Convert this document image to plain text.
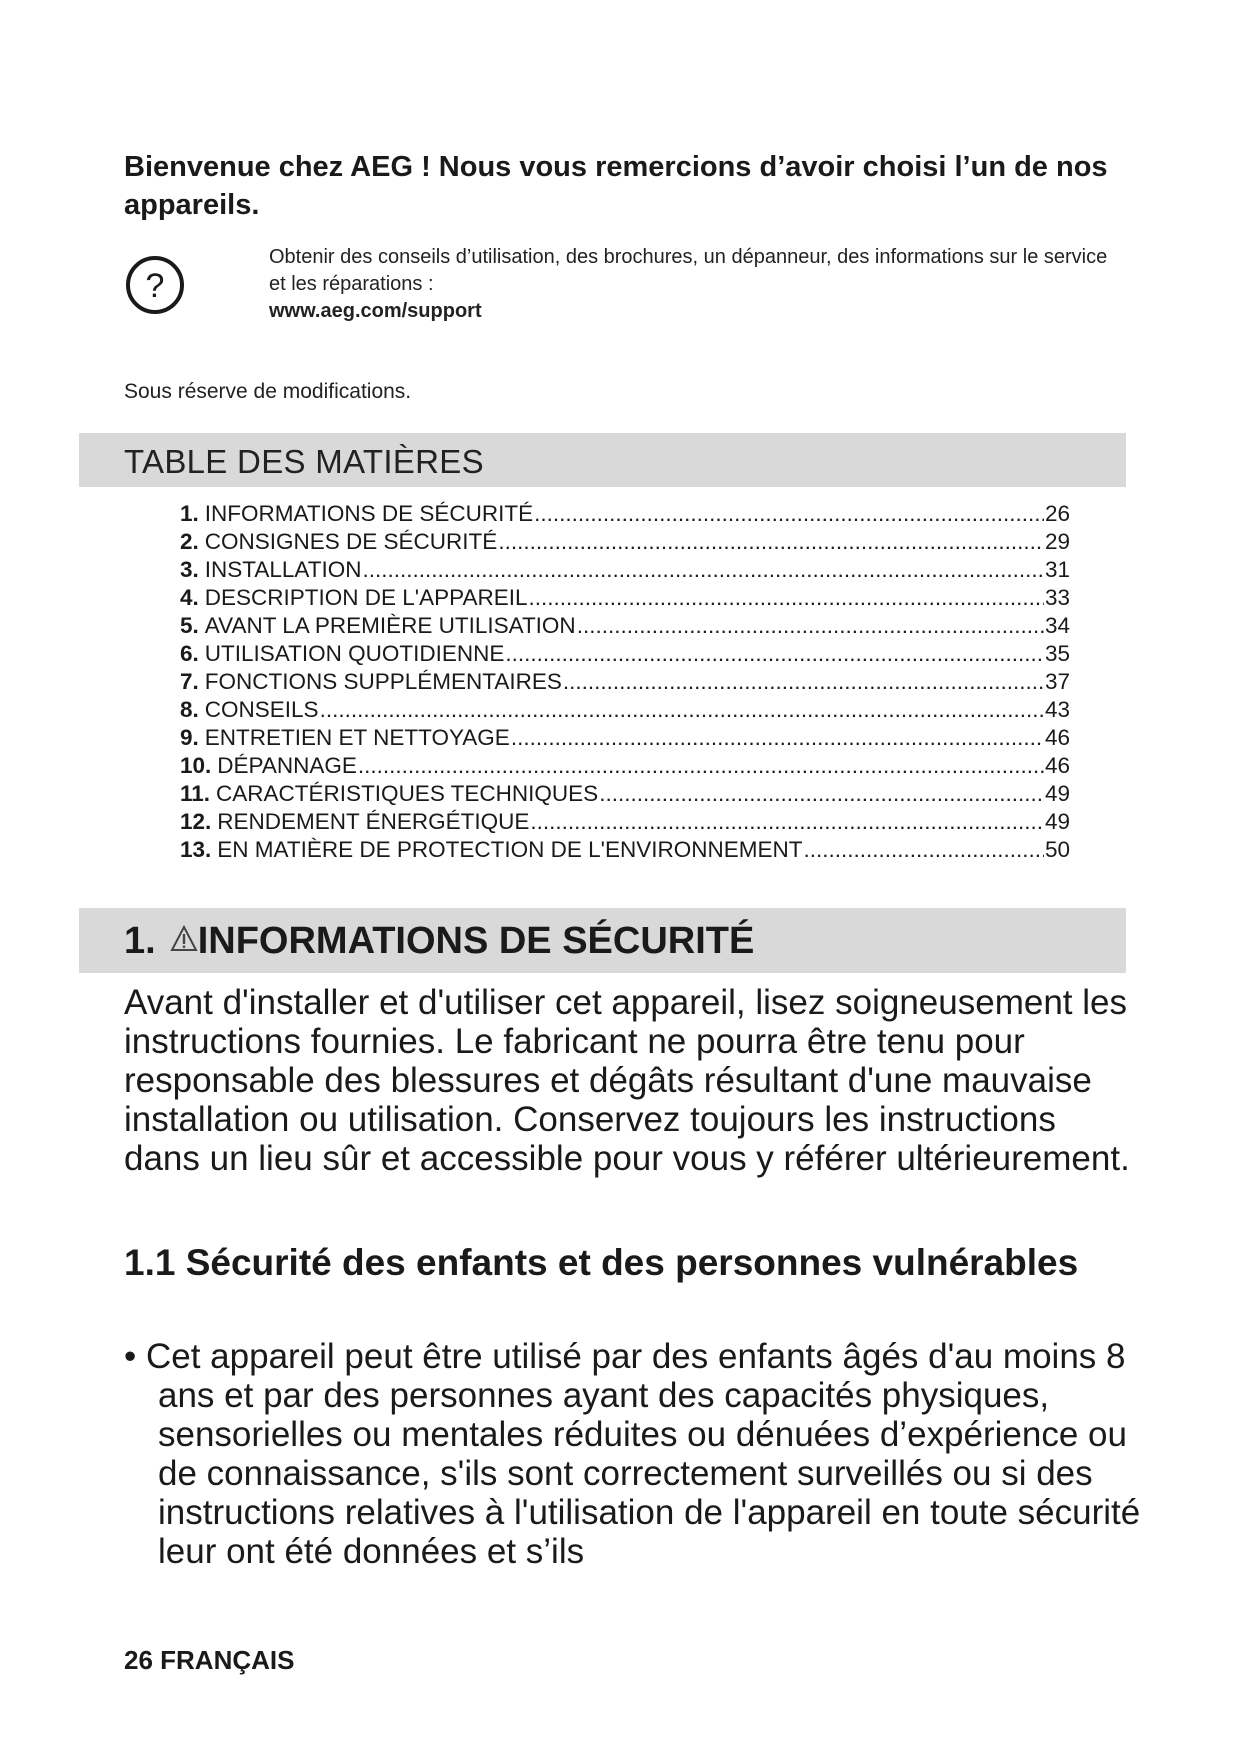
Bienvenue chez AEG ! Nous vous remercions d’avoir choisi l’un de nos appareils.
?
Obtenir des conseils d’utilisation, des brochures, un dépanneur, des informations sur le service et les réparations :
www.aeg.com/support
Sous réserve de modifications.
TABLE DES MATIÈRES
1. INFORMATIONS DE SÉCURITÉ .....	26
2. CONSIGNES DE SÉCURITÉ .....	29
3. INSTALLATION .....	31
4. DESCRIPTION DE L'APPAREIL .....	33
5. AVANT LA PREMIÈRE UTILISATION .....	34
6. UTILISATION QUOTIDIENNE .....	35
7. FONCTIONS SUPPLÉMENTAIRES .....	37
8. CONSEILS .....	43
9. ENTRETIEN ET NETTOYAGE .....	46
10. DÉPANNAGE .....	46
11. CARACTÉRISTIQUES TECHNIQUES .....	49
12. RENDEMENT ÉNERGÉTIQUE .....	49
13. EN MATIÈRE DE PROTECTION DE L'ENVIRONNEMENT .....	50
1. INFORMATIONS DE SÉCURITÉ
Avant d'installer et d'utiliser cet appareil, lisez soigneusement les instructions fournies. Le fabricant ne pourra être tenu pour responsable des blessures et dégâts résultant d'une mauvaise installation ou utilisation. Conservez toujours les instructions dans un lieu sûr et accessible pour vous y référer ultérieurement.
1.1 Sécurité des enfants et des personnes vulnérables
• Cet appareil peut être utilisé par des enfants âgés d'au moins 8 ans et par des personnes ayant des capacités physiques, sensorielles ou mentales réduites ou dénuées d’expérience ou de connaissance, s'ils sont correctement surveillés ou si des instructions relatives à l'utilisation de l'appareil en toute sécurité leur ont été données et s’ils
26 FRANÇAIS
